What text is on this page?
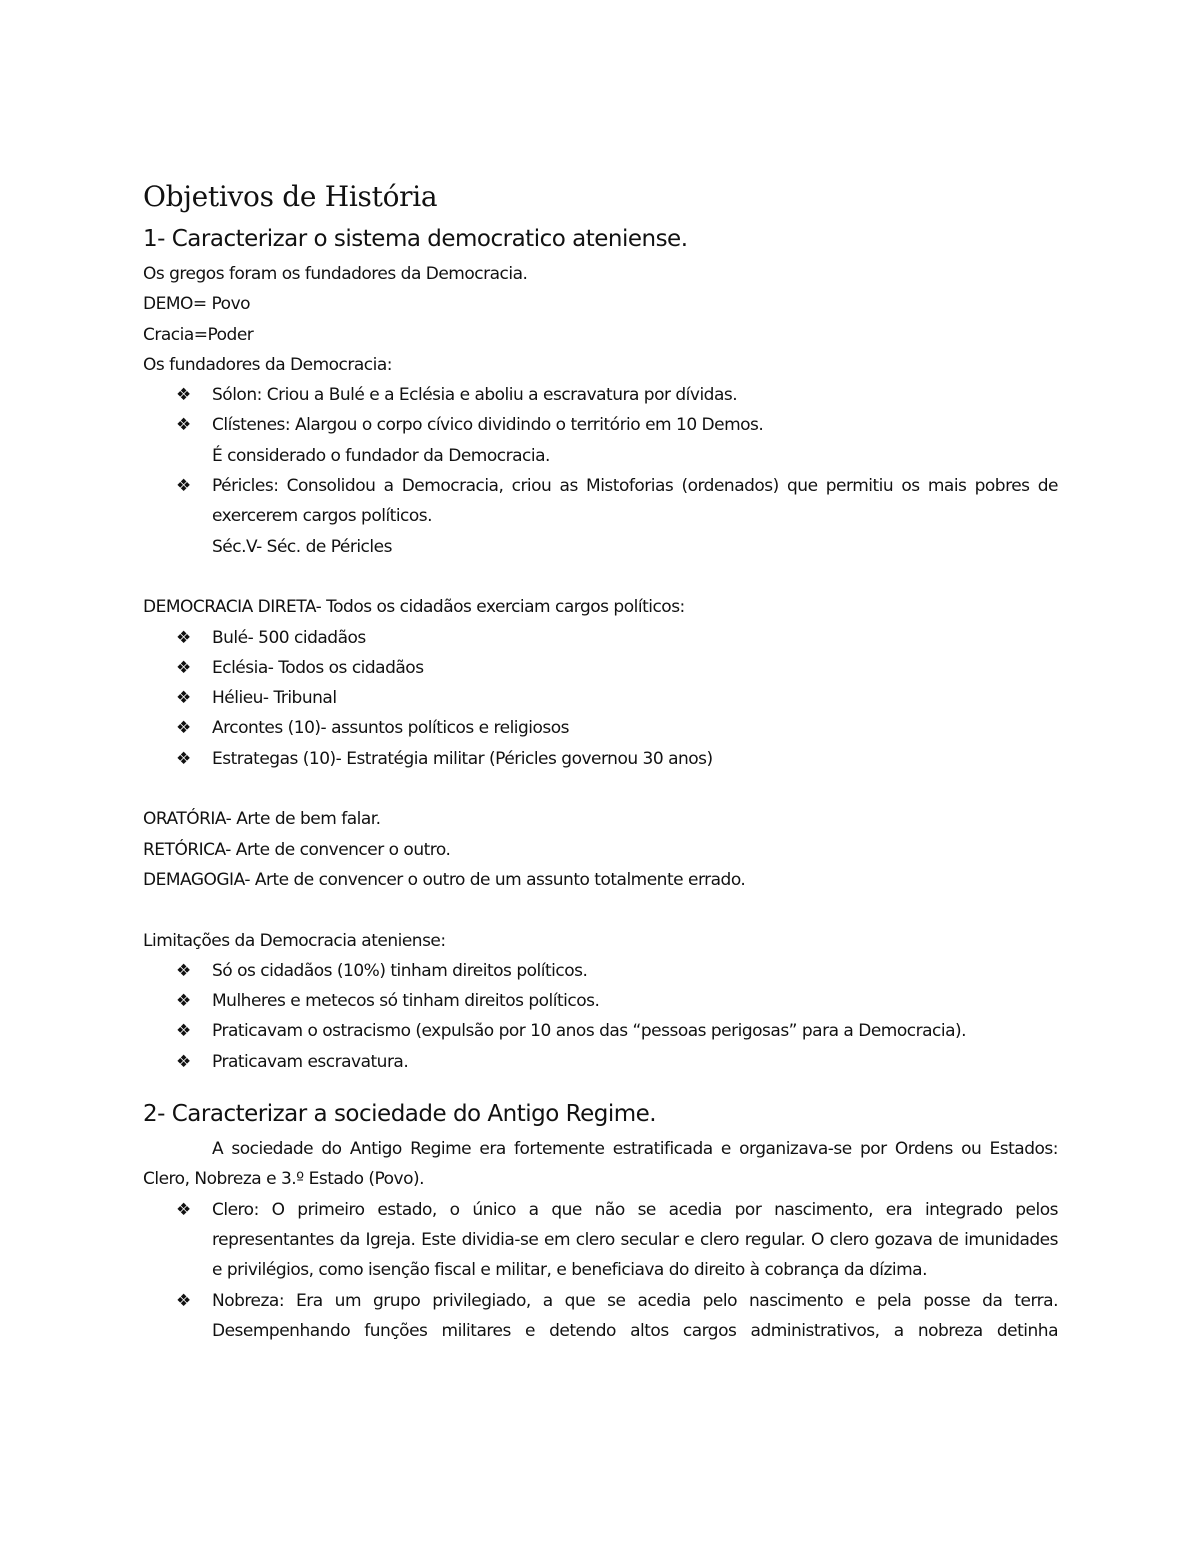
Objetivos de História
1- Caracterizar o sistema democratico ateniense.

Os gregos foram os fundadores da Democracia.

DEMO= Povo

Cracia=Poder

Os fundadores da Democracia:

❖ Sólon: Criou a Bulé e a Eclésia e aboliu a escravatura por dívidas.
❖ Clístenes: Alargou o corpo cívico dividindo o território em 10 Demos.
É considerado o fundador da Democracia.
❖ Péricles: Consolidou a Democracia, criou as Mistoforias (ordenados) que permitiu os mais pobres de exercerem cargos políticos.
Séc.V- Séc. de Péricles

DEMOCRACIA DIRETA- Todos os cidadãos exerciam cargos políticos:

❖ Bulé- 500 cidadãos
❖ Eclésia- Todos os cidadãos
❖ Hélieu- Tribunal
❖ Arcontes (10)- assuntos políticos e religiosos
❖ Estrategas (10)- Estratégia militar (Péricles governou 30 anos)

ORATÓRIA- Arte de bem falar.

RETÓRICA- Arte de convencer o outro.

DEMAGOGIA- Arte de convencer o outro de um assunto totalmente errado.

Limitações da Democracia ateniense:

❖ Só os cidadãos (10%) tinham direitos políticos.
❖ Mulheres e metecos só tinham direitos políticos.
❖ Praticavam o ostracismo (expulsão por 10 anos das “pessoas perigosas” para a Democracia).
❖ Praticavam escravatura.
2- Caracterizar a sociedade do Antigo Regime.

A sociedade do Antigo Regime era fortemente estratificada e organizava-se por Ordens ou Estados: Clero, Nobreza e 3.º Estado (Povo).

❖ Clero: O primeiro estado, o único a que não se acedia por nascimento, era integrado pelos representantes da Igreja. Este dividia-se em clero secular e clero regular. O clero gozava de imunidades e privilégios, como isenção fiscal e militar, e beneficiava do direito à cobrança da dízima.
❖ Nobreza: Era um grupo privilegiado, a que se acedia pelo nascimento e pela posse da terra. Desempenhando funções militares e detendo altos cargos administrativos, a nobreza detinha
